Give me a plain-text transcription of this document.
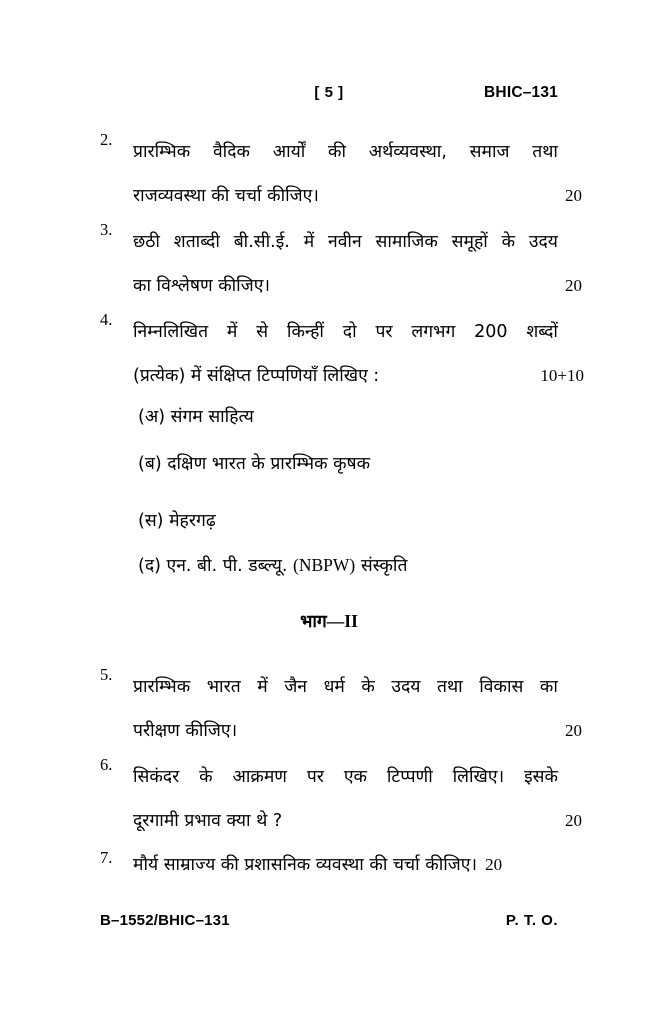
[ 5 ]	BHIC–131
2.
प्रारम्भिक वैदिक आर्यों की अर्थव्यवस्था, समाज तथा
राजव्यवस्था की चर्चा कीजिए।	20
3.
छठी शताब्दी बी.सी.ई. में नवीन सामाजिक समूहों के उदय
का विश्लेषण कीजिए।	20
4.
निम्नलिखित में से किन्हीं दो पर लगभग 200 शब्दों
(प्रत्येक) में संक्षिप्त टिप्पणियाँ लिखिए :	10+10
(अ) संगम साहित्य
(ब) दक्षिण भारत के प्रारम्भिक कृषक
(स) मेहरगढ़
(द) एन. बी. पी. डब्ल्यू. (NBPW) संस्कृति
भाग—II
5.
प्रारम्भिक भारत में जैन धर्म के उदय तथा विकास का
परीक्षण कीजिए।	20
6.
सिकंदर के आक्रमण पर एक टिप्पणी लिखिए। इसके
दूरगामी प्रभाव क्या थे ?	20
7.	मौर्य साम्राज्य की प्रशासनिक व्यवस्था की चर्चा कीजिए। 20
B–1552/BHIC–131	P. T. O.
